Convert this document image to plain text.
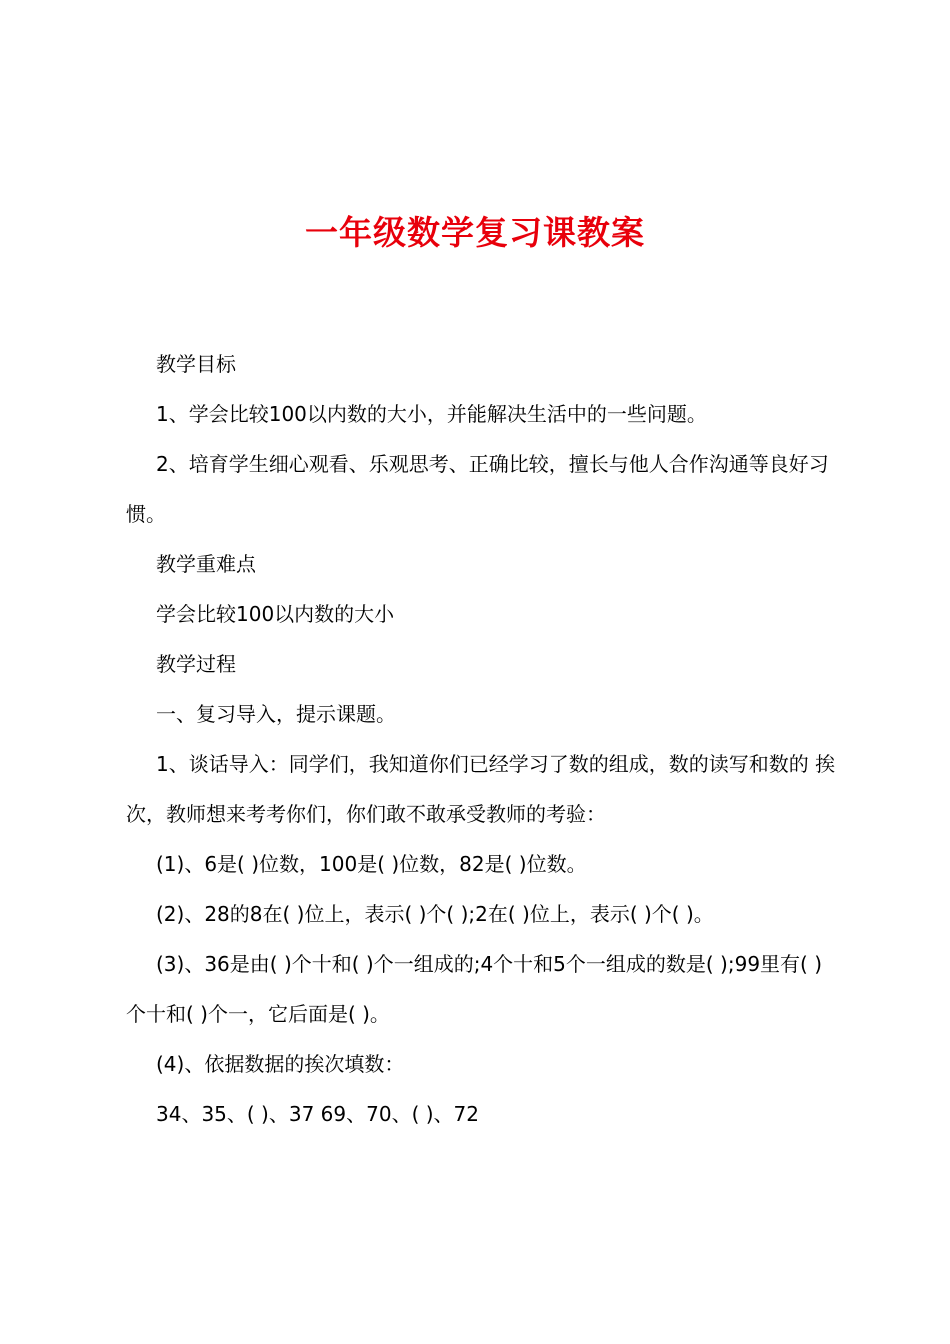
一年级数学复习课教案

教学目标

1、学会比较100以内数的大小，并能解决生活中的一些问题。

2、培育学生细心观看、乐观思考、正确比较，擅长与他人合作沟通等良好习惯。

教学重难点

学会比较100以内数的大小

教学过程

一、复习导入，提示课题。

1、谈话导入：同学们，我知道你们已经学习了数的组成，数的读写和数的 挨次，教师想来考考你们，你们敢不敢承受教师的考验：

(1)、6是( )位数，100是( )位数，82是( )位数。

(2)、28的8在( )位上，表示( )个( );2在( )位上，表示( )个( )。

(3)、36是由( )个十和( )个一组成的;4个十和5个一组成的数是( );99里有( )个十和( )个一，它后面是( )。

(4)、依据数据的挨次填数：

34、35、( )、37 69、70、( )、72
